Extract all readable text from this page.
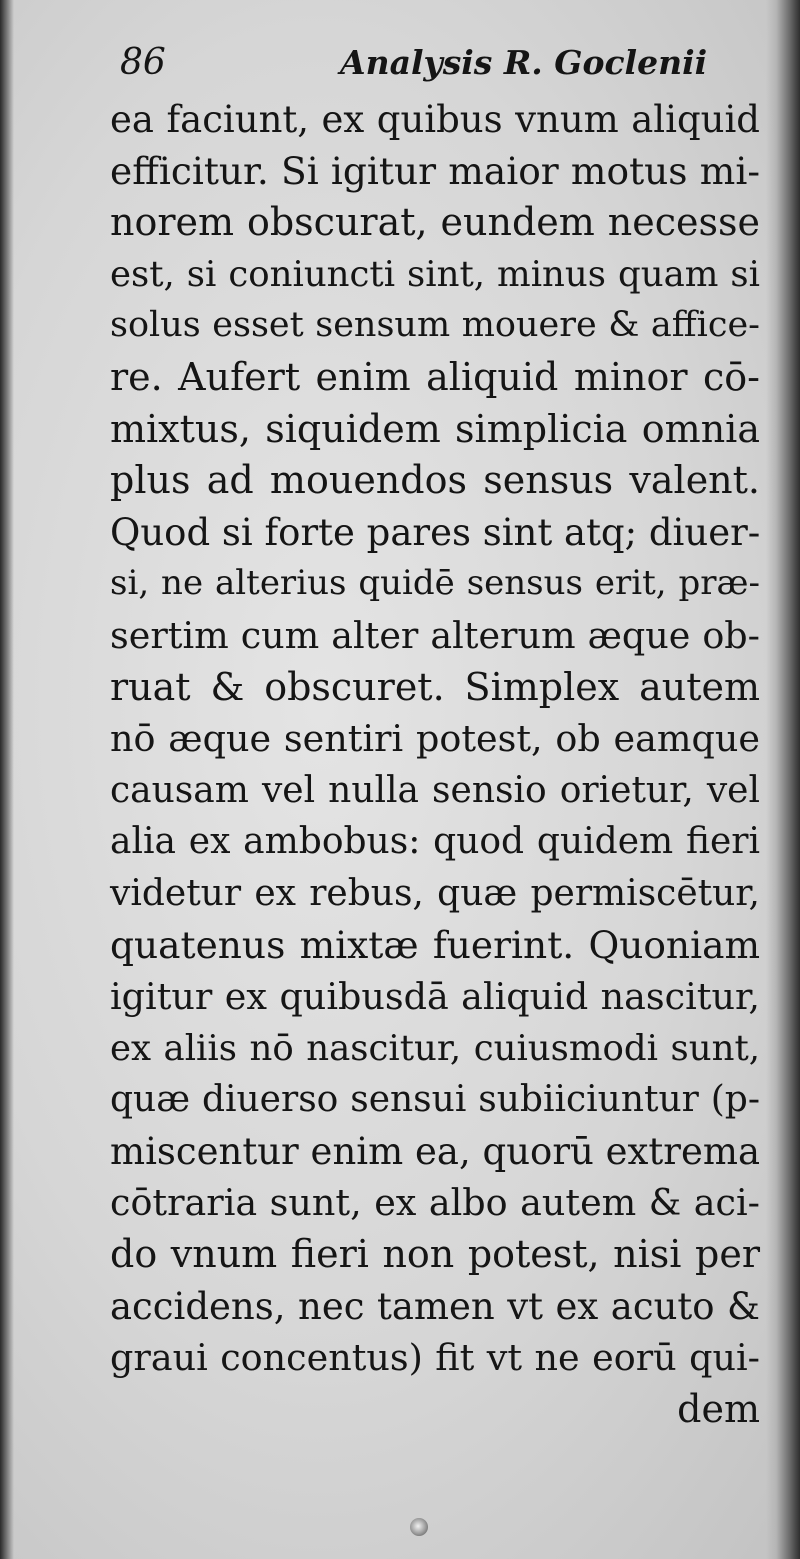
86	Analysis R. Goclenii
ea faciunt, ex quibus vnum aliquid
efficitur. Si igitur maior motus mi-
norem obscurat, eundem necesse
est, si coniuncti sint, minus quam si
solus esset sensum mouere & affice-
re. Aufert enim aliquid minor cō-
mixtus, siquidem simplicia omnia
plus ad mouendos sensus valent.
Quod si forte pares sint atq; diuer-
si, ne alterius quidē sensus erit, præ-
sertim cum alter alterum æque ob-
ruat & obscuret. Simplex autem
nō æque sentiri potest, ob eamque
causam vel nulla sensio orietur, vel
alia ex ambobus: quod quidem fieri
videtur ex rebus, quæ permiscētur,
quatenus mixtæ fuerint. Quoniam
igitur ex quibusdā aliquid nascitur,
ex aliis nō nascitur, cuiusmodi sunt,
quæ diuerso sensui subiiciuntur (p-
miscentur enim ea, quorū extrema
cōtraria sunt, ex albo autem & aci-
do vnum fieri non potest, nisi per
accidens, nec tamen vt ex acuto &
graui concentus) fit vt ne eorū qui-
dem
